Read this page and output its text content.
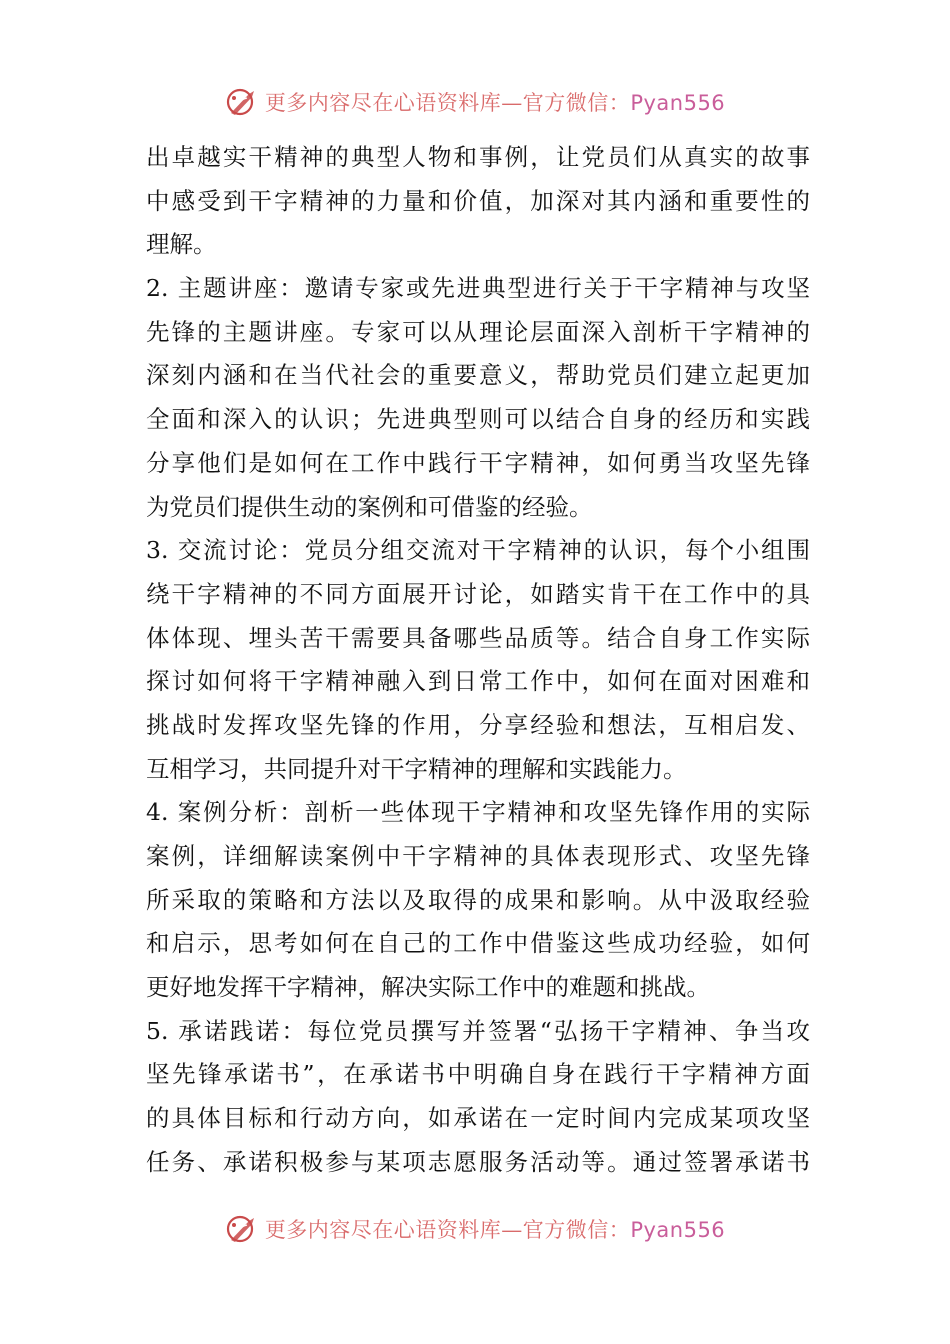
更多内容尽在心语资料库—官方微信：Pyan556
出卓越实干精神的典型人物和事例，让党员们从真实的故事
中感受到干字精神的力量和价值，加深对其内涵和重要性的
理解。
2. 主题讲座：邀请专家或先进典型进行关于干字精神与攻坚
先锋的主题讲座。专家可以从理论层面深入剖析干字精神的
深刻内涵和在当代社会的重要意义，帮助党员们建立起更加
全面和深入的认识；先进典型则可以结合自身的经历和实践
分享他们是如何在工作中践行干字精神，如何勇当攻坚先锋
为党员们提供生动的案例和可借鉴的经验。
3. 交流讨论：党员分组交流对干字精神的认识，每个小组围
绕干字精神的不同方面展开讨论，如踏实肯干在工作中的具
体体现、埋头苦干需要具备哪些品质等。结合自身工作实际
探讨如何将干字精神融入到日常工作中，如何在面对困难和
挑战时发挥攻坚先锋的作用，分享经验和想法，互相启发、
互相学习，共同提升对干字精神的理解和实践能力。
4. 案例分析：剖析一些体现干字精神和攻坚先锋作用的实际
案例，详细解读案例中干字精神的具体表现形式、攻坚先锋
所采取的策略和方法以及取得的成果和影响。从中汲取经验
和启示，思考如何在自己的工作中借鉴这些成功经验，如何
更好地发挥干字精神，解决实际工作中的难题和挑战。
5. 承诺践诺：每位党员撰写并签署“弘扬干字精神、争当攻
坚先锋承诺书”，在承诺书中明确自身在践行干字精神方面
的具体目标和行动方向，如承诺在一定时间内完成某项攻坚
任务、承诺积极参与某项志愿服务活动等。通过签署承诺书
更多内容尽在心语资料库—官方微信：Pyan556
